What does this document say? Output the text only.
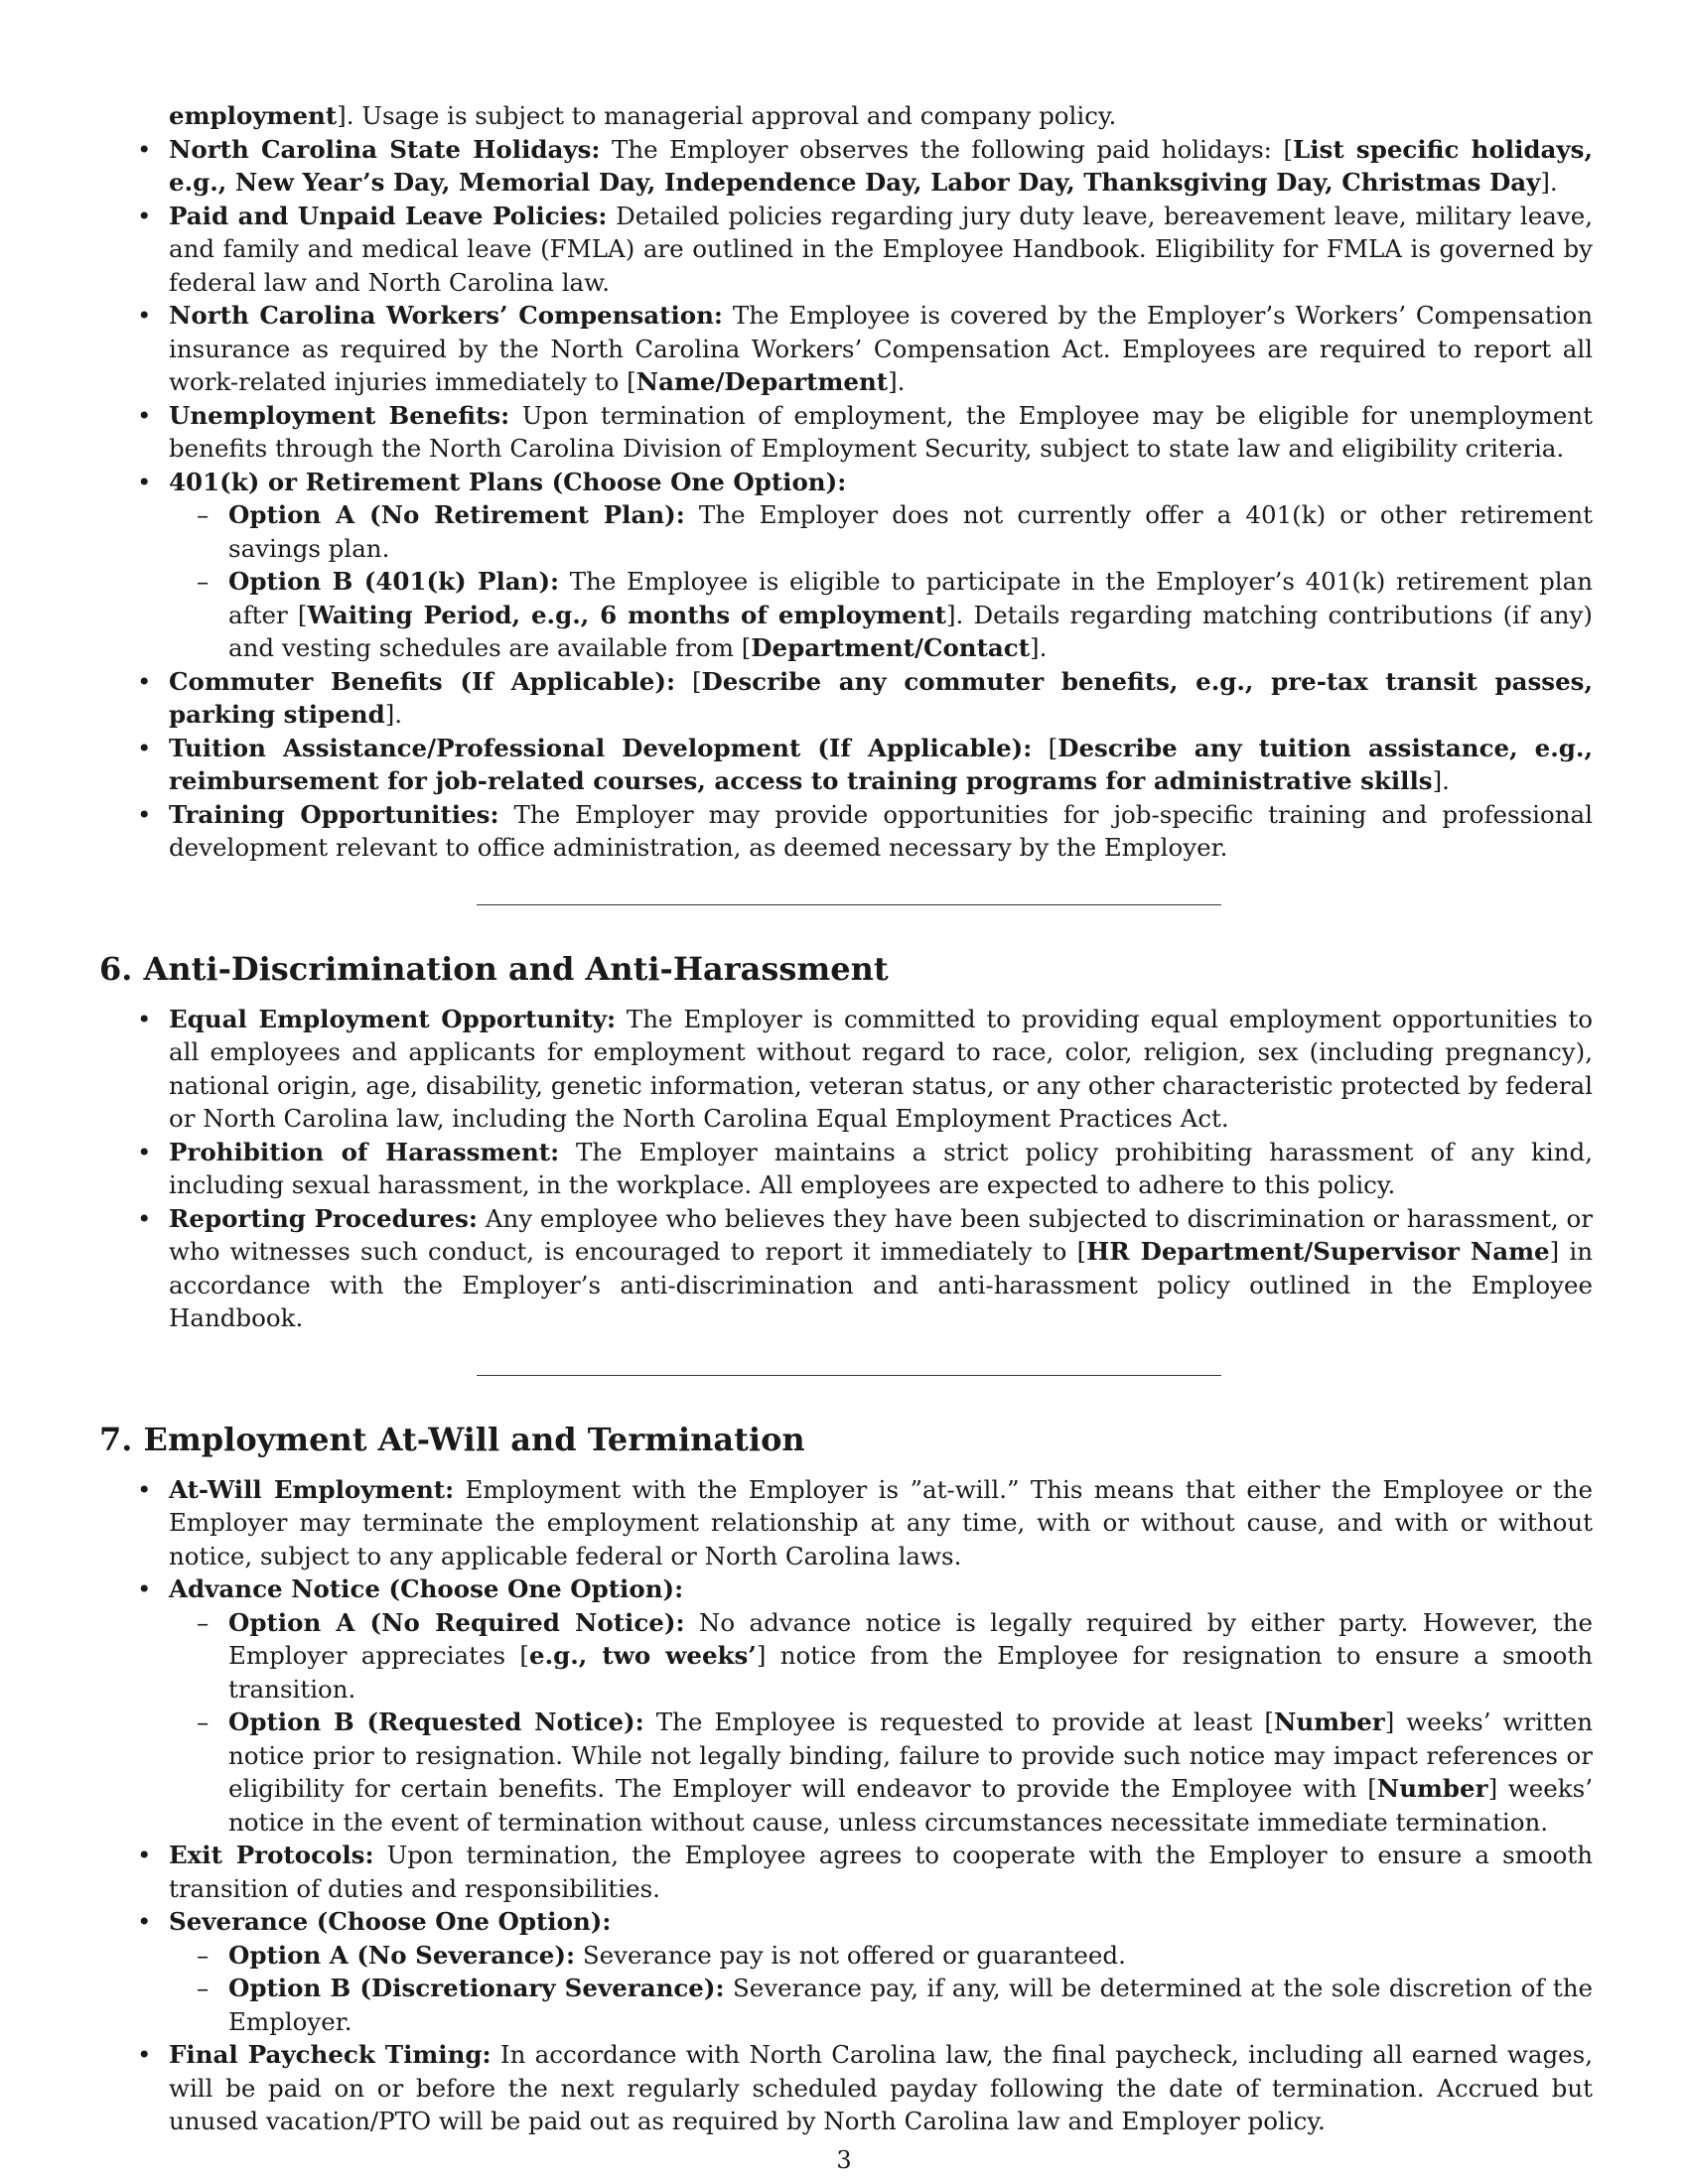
employment]. Usage is subject to managerial approval and company policy.

• North Carolina State Holidays: The Employer observes the following paid holidays: [List specific holidays, e.g., New Year’s Day, Memorial Day, Independence Day, Labor Day, Thanksgiving Day, Christmas Day].
• Paid and Unpaid Leave Policies: Detailed policies regarding jury duty leave, bereavement leave, military leave, and family and medical leave (FMLA) are outlined in the Employee Handbook. Eligibility for FMLA is governed by federal law and North Carolina law.
• North Carolina Workers’ Compensation: The Employee is covered by the Employer’s Workers’ Compensation insurance as required by the North Carolina Workers’ Compensation Act. Employees are required to report all work-related injuries immediately to [Name/Department].
• Unemployment Benefits: Upon termination of employment, the Employee may be eligible for unemployment benefits through the North Carolina Division of Employment Security, subject to state law and eligibility criteria.
• 401(k) or Retirement Plans (Choose One Option):
– Option A (No Retirement Plan): The Employer does not currently offer a 401(k) or other retirement savings plan.
– Option B (401(k) Plan): The Employee is eligible to participate in the Employer’s 401(k) retirement plan after [Waiting Period, e.g., 6 months of employment]. Details regarding matching contributions (if any) and vesting schedules are available from [Department/Contact].
• Commuter Benefits (If Applicable): [Describe any commuter benefits, e.g., pre-tax transit passes, parking stipend].
• Tuition Assistance/Professional Development (If Applicable): [Describe any tuition assistance, e.g., reimbursement for job-related courses, access to training programs for administrative skills].
• Training Opportunities: The Employer may provide opportunities for job-specific training and professional development relevant to office administration, as deemed necessary by the Employer.
6. Anti-Discrimination and Anti-Harassment
• Equal Employment Opportunity: The Employer is committed to providing equal employment opportunities to all employees and applicants for employment without regard to race, color, religion, sex (including pregnancy), national origin, age, disability, genetic information, veteran status, or any other characteristic protected by federal or North Carolina law, including the North Carolina Equal Employment Practices Act.
• Prohibition of Harassment: The Employer maintains a strict policy prohibiting harassment of any kind, including sexual harassment, in the workplace. All employees are expected to adhere to this policy.
• Reporting Procedures: Any employee who believes they have been subjected to discrimination or harassment, or who witnesses such conduct, is encouraged to report it immediately to [HR Department/Supervisor Name] in accordance with the Employer’s anti-discrimination and anti-harassment policy outlined in the Employee Handbook.
7. Employment At-Will and Termination
• At-Will Employment: Employment with the Employer is ”at-will.” This means that either the Employee or the Employer may terminate the employment relationship at any time, with or without cause, and with or without notice, subject to any applicable federal or North Carolina laws.
• Advance Notice (Choose One Option):
– Option A (No Required Notice): No advance notice is legally required by either party. However, the Employer appreciates [e.g., two weeks’] notice from the Employee for resignation to ensure a smooth transition.
– Option B (Requested Notice): The Employee is requested to provide at least [Number] weeks’ written notice prior to resignation. While not legally binding, failure to provide such notice may impact references or eligibility for certain benefits. The Employer will endeavor to provide the Employee with [Number] weeks’ notice in the event of termination without cause, unless circumstances necessitate immediate termination.
• Exit Protocols: Upon termination, the Employee agrees to cooperate with the Employer to ensure a smooth transition of duties and responsibilities.
• Severance (Choose One Option):
– Option A (No Severance): Severance pay is not offered or guaranteed.
– Option B (Discretionary Severance): Severance pay, if any, will be determined at the sole discretion of the Employer.
• Final Paycheck Timing: In accordance with North Carolina law, the final paycheck, including all earned wages, will be paid on or before the next regularly scheduled payday following the date of termination. Accrued but unused vacation/PTO will be paid out as required by North Carolina law and Employer policy.
3
